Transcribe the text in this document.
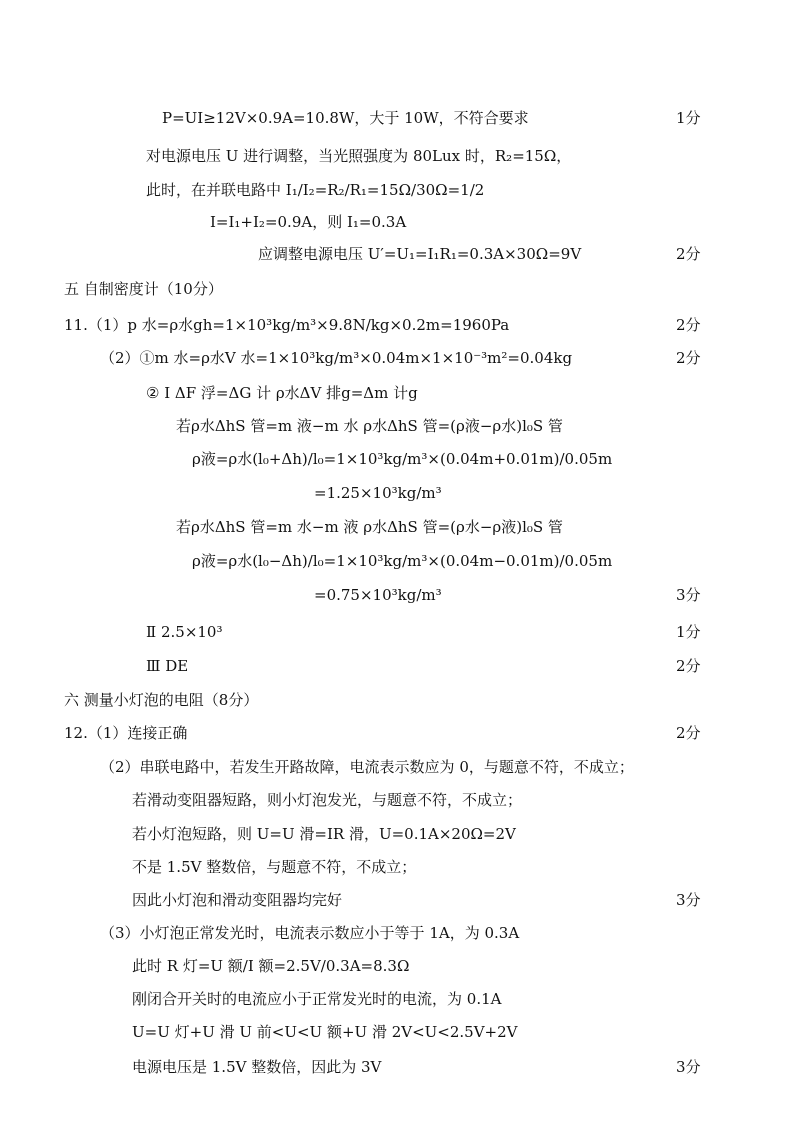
P=UI≥12V×0.9A=10.8W，大于 10W，不符合要求	1分
对电源电压 U 进行调整，当光照强度为 80Lux 时，R₂=15Ω，
此时，在并联电路中 I₁/I₂=R₂/R₁=15Ω/30Ω=1/2
I=I₁+I₂=0.9A，则 I₁=0.3A
应调整电源电压 U′=U₁=I₁R₁=0.3A×30Ω=9V	2分
五 自制密度计（10分）
11.（1）p 水=ρ水gh=1×10³kg/m³×9.8N/kg×0.2m=1960Pa	2分
（2）①m 水=ρ水V 水=1×10³kg/m³×0.04m×1×10⁻³m²=0.04kg	2分
② I ΔF 浮=ΔG 计 ρ水ΔV 排g=Δm 计g
若ρ水ΔhS 管=m 液−m 水 ρ水ΔhS 管=(ρ液−ρ水)l₀S 管
ρ液=ρ水(l₀+Δh)/l₀=1×10³kg/m³×(0.04m+0.01m)/0.05m
=1.25×10³kg/m³
若ρ水ΔhS 管=m 水−m 液 ρ水ΔhS 管=(ρ水−ρ液)l₀S 管
ρ液=ρ水(l₀−Δh)/l₀=1×10³kg/m³×(0.04m−0.01m)/0.05m
=0.75×10³kg/m³	3分
Ⅱ 2.5×10³	1分
Ⅲ DE	2分
六 测量小灯泡的电阻（8分）
12.（1）连接正确	2分
（2）串联电路中，若发生开路故障，电流表示数应为 0，与题意不符，不成立；
若滑动变阻器短路，则小灯泡发光，与题意不符，不成立；
若小灯泡短路，则 U=U 滑=IR 滑，U=0.1A×20Ω=2V
不是 1.5V 整数倍，与题意不符，不成立；
因此小灯泡和滑动变阻器均完好	3分
（3）小灯泡正常发光时，电流表示数应小于等于 1A，为 0.3A
此时 R 灯=U 额/I 额=2.5V/0.3A=8.3Ω
刚闭合开关时的电流应小于正常发光时的电流，为 0.1A
U=U 灯+U 滑 U 前<U<U 额+U 滑 2V<U<2.5V+2V
电源电压是 1.5V 整数倍，因此为 3V	3分
